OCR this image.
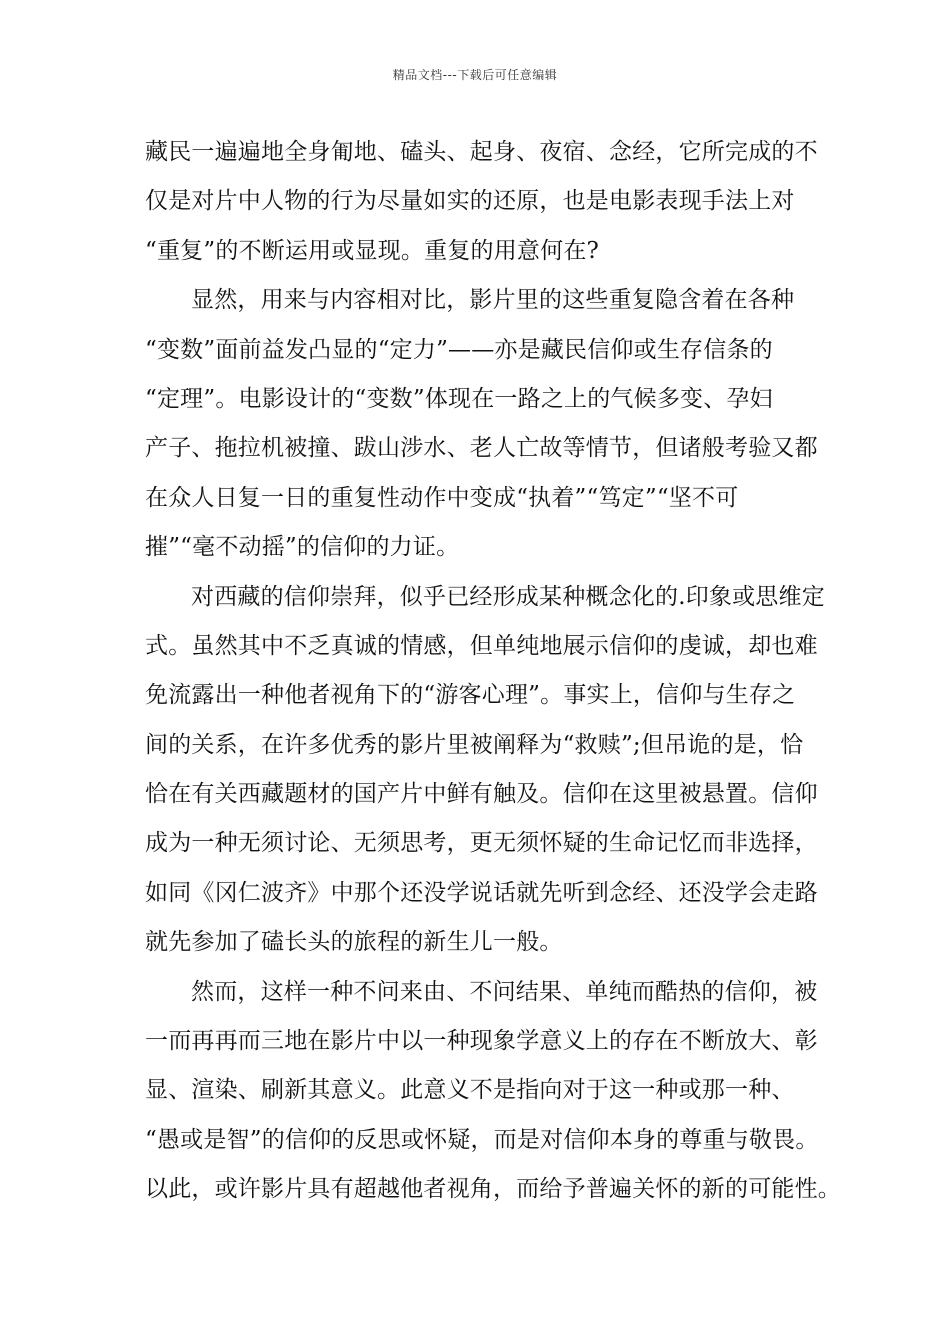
精品文档---下载后可任意编辑
藏民一遍遍地全身匍地、磕头、起身、夜宿、念经，它所完成的不
仅是对片中人物的行为尽量如实的还原，也是电影表现手法上对
“重复”的不断运用或显现。重复的用意何在?
显然，用来与内容相对比，影片里的这些重复隐含着在各种
“变数”面前益发凸显的“定力”——亦是藏民信仰或生存信条的
“定理”。电影设计的“变数”体现在一路之上的气候多变、孕妇
产子、拖拉机被撞、跋山涉水、老人亡故等情节，但诸般考验又都
在众人日复一日的重复性动作中变成“执着”“笃定”“坚不可
摧”“毫不动摇”的信仰的力证。
对西藏的信仰崇拜，似乎已经形成某种概念化的.印象或思维定
式。虽然其中不乏真诚的情感，但单纯地展示信仰的虔诚，却也难
免流露出一种他者视角下的“游客心理”。事实上，信仰与生存之
间的关系，在许多优秀的影片里被阐释为“救赎”;但吊诡的是，恰
恰在有关西藏题材的国产片中鲜有触及。信仰在这里被悬置。信仰
成为一种无须讨论、无须思考，更无须怀疑的生命记忆而非选择，
如同《冈仁波齐》中那个还没学说话就先听到念经、还没学会走路
就先参加了磕长头的旅程的新生儿一般。
然而，这样一种不问来由、不问结果、单纯而酷热的信仰，被
一而再再而三地在影片中以一种现象学意义上的存在不断放大、彰
显、渲染、刷新其意义。此意义不是指向对于这一种或那一种、
“愚或是智”的信仰的反思或怀疑，而是对信仰本身的尊重与敬畏。
以此，或许影片具有超越他者视角，而给予普遍关怀的新的可能性。
